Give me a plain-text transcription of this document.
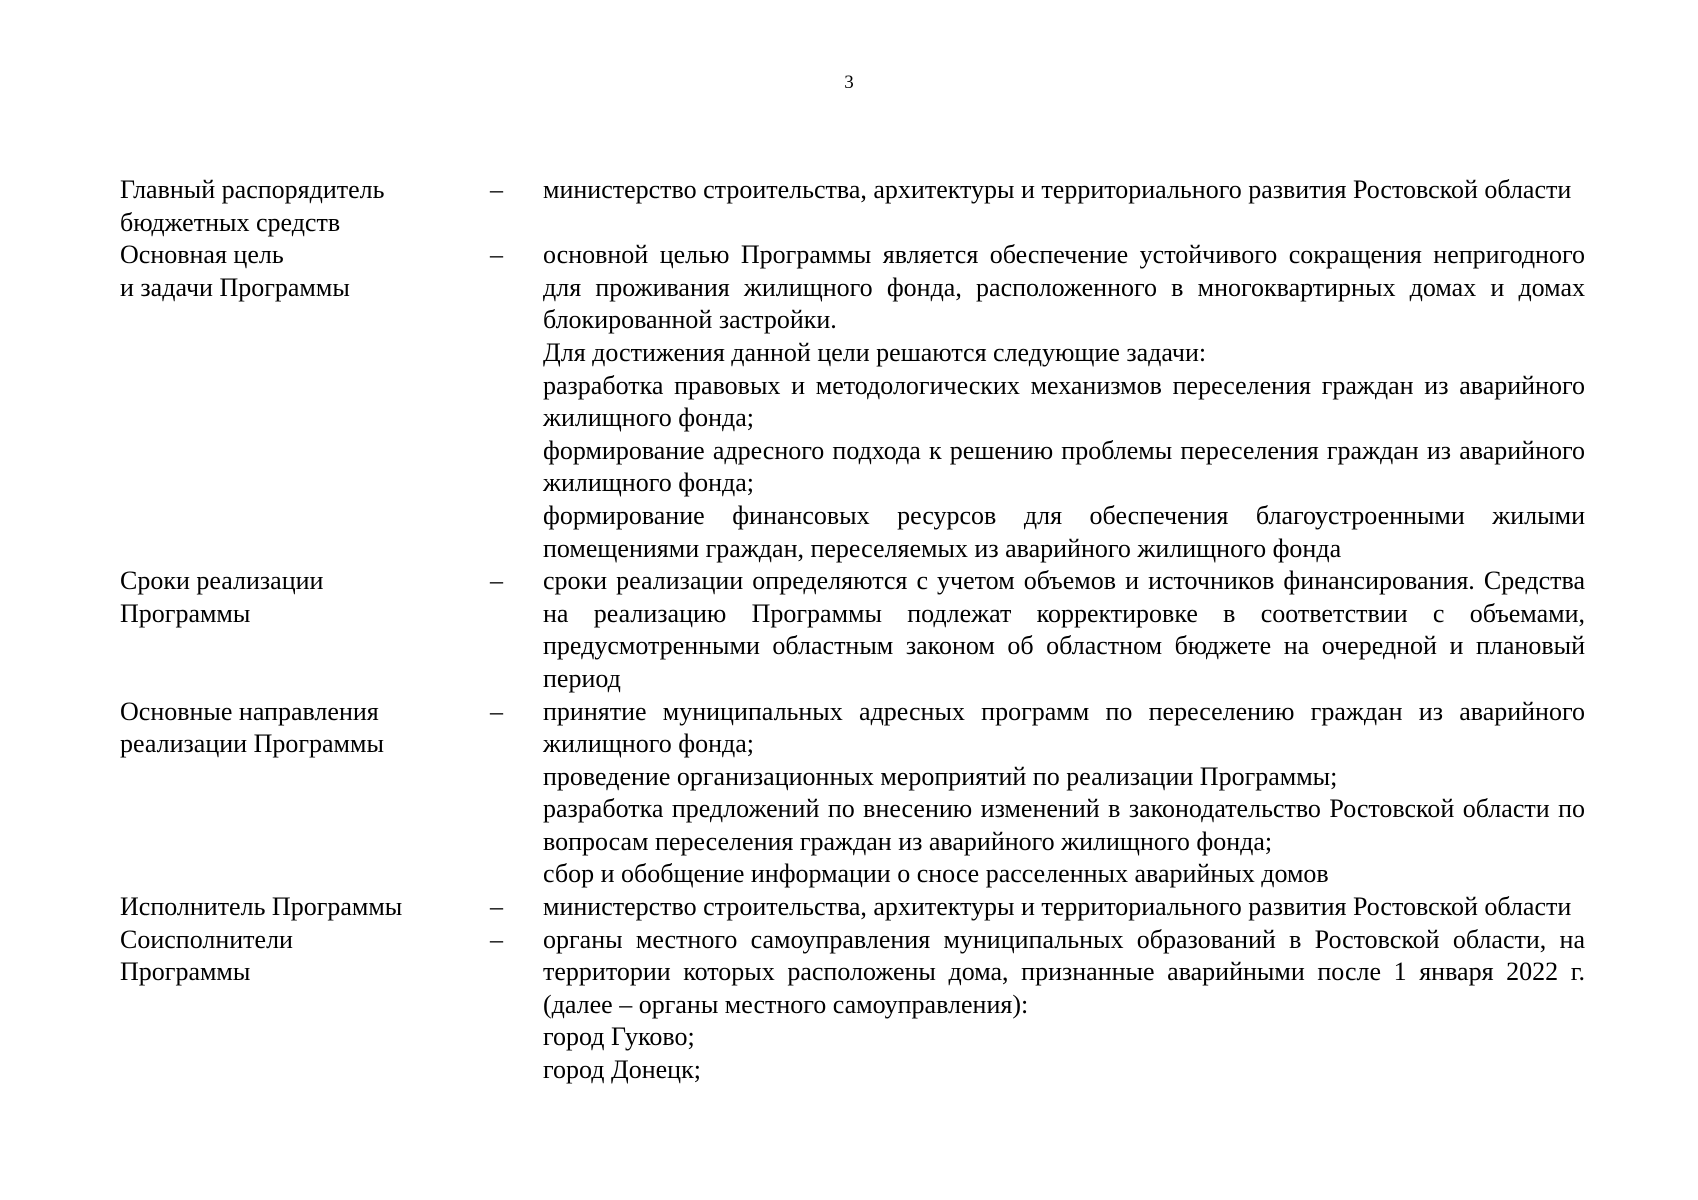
3
Главный распорядитель
бюджетных средств
–	министерство строительства, архитектуры и территориального развития Ростовской области

Основная цель
и задачи Программы
–	основной целью Программы является обеспечение устойчивого сокращения непригодного для проживания жилищного фонда, расположенного в многоквартирных домах и домах блокированной застройки.

Для достижения данной цели решаются следующие задачи:

разработка правовых и методологических механизмов переселения граждан из аварийного жилищного фонда;

формирование адресного подхода к решению проблемы переселения граждан из аварийного жилищного фонда;

формирование финансовых ресурсов для обеспечения благоустроенными жилыми помещениями граждан, переселяемых из аварийного жилищного фонда

Сроки реализации
Программы
–	сроки реализации определяются с учетом объемов и источников финансирования. Средства на реализацию Программы подлежат корректировке в соответствии с объемами, предусмотренными областным законом об областном бюджете на очередной и плановый период

Основные направления
реализации Программы
–	принятие муниципальных адресных программ по переселению граждан из аварийного жилищного фонда;

проведение организационных мероприятий по реализации Программы;

разработка предложений по внесению изменений в законодательство Ростовской области по вопросам переселения граждан из аварийного жилищного фонда;

сбор и обобщение информации о сносе расселенных аварийных домов

Исполнитель Программы	–	министерство строительства, архитектуры и территориального развития Ростовской области

Соисполнители
Программы
–	органы местного самоуправления муниципальных образований в Ростовской области, на территории которых расположены дома, признанные аварийными после 1 января 2022 г. (далее – органы местного самоуправления):

город Гуково;

город Донецк;
